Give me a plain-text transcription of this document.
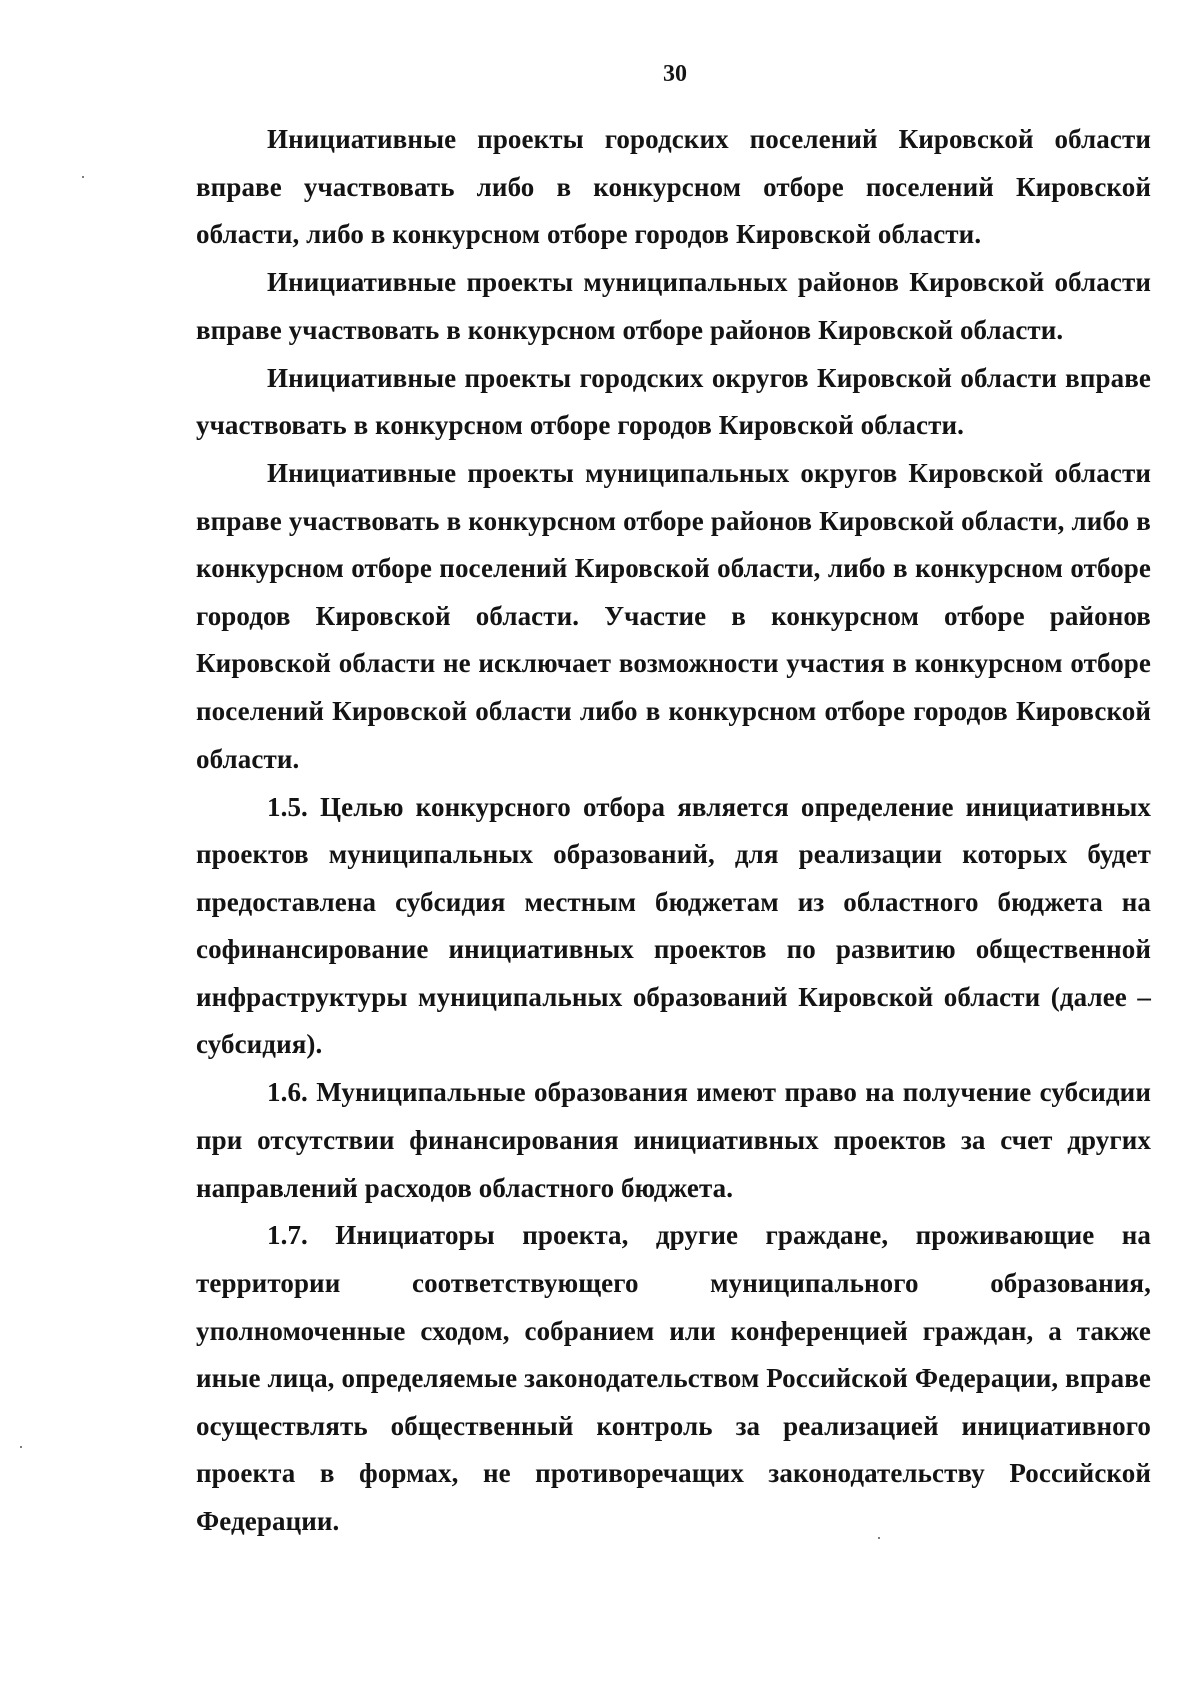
30

Инициативные проекты городских поселений Кировской области вправе участвовать либо в конкурсном отборе поселений Кировской области, либо в конкурсном отборе городов Кировской области.

Инициативные проекты муниципальных районов Кировской области вправе участвовать в конкурсном отборе районов Кировской области.

Инициативные проекты городских округов Кировской области вправе участвовать в конкурсном отборе городов Кировской области.

Инициативные проекты муниципальных округов Кировской области вправе участвовать в конкурсном отборе районов Кировской области, либо в конкурсном отборе поселений Кировской области, либо в конкурсном отборе городов Кировской области. Участие в конкурсном отборе районов Кировской области не исключает возможности участия в конкурсном отборе поселений Кировской области либо в конкурсном отборе городов Кировской области.

1.5. Целью конкурсного отбора является определение инициативных проектов муниципальных образований, для реализации которых будет предоставлена субсидия местным бюджетам из областного бюджета на софинансирование инициативных проектов по развитию общественной инфраструктуры муниципальных образований Кировской области (далее – субсидия).

1.6. Муниципальные образования имеют право на получение субсидии при отсутствии финансирования инициативных проектов за счет других направлений расходов областного бюджета.

1.7. Инициаторы проекта, другие граждане, проживающие на территории соответствующего муниципального образования, уполномоченные сходом, собранием или конференцией граждан, а также иные лица, определяемые законодательством Российской Федерации, вправе осуществлять общественный контроль за реализацией инициативного проекта в формах, не противоречащих законодательству Российской Федерации.
